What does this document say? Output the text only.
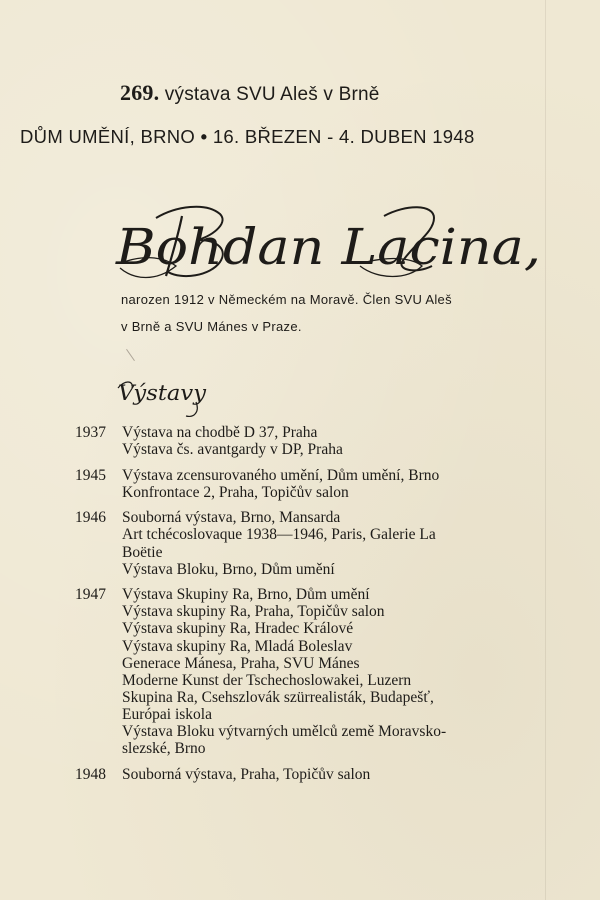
269. výstava SVU Aleš v Brně
DŮM UMĚNÍ, BRNO • 16. BŘEZEN - 4. DUBEN 1948
Bohdan Lacina,
narozen 1912 v Německém na Moravě. Člen SVU Aleš
v Brně a SVU Mánes v Praze.
Výstavy
1937	Výstava na chodbě D 37, Praha
Výstava čs. avantgardy v DP, Praha
1945	Výstava zcensurovaného umění, Dům umění, Brno
Konfrontace 2, Praha, Topičův salon
1946	Souborná výstava, Brno, Mansarda
Art tchécoslovaque 1938—1946, Paris, Galerie La
Boëtie
Výstava Bloku, Brno, Dům umění
1947	Výstava Skupiny Ra, Brno, Dům umění
Výstava skupiny Ra, Praha, Topičův salon
Výstava skupiny Ra, Hradec Králové
Výstava skupiny Ra, Mladá Boleslav
Generace Mánesa, Praha, SVU Mánes
Moderne Kunst der Tschechoslowakei, Luzern
Skupina Ra, Csehszlovák szürrealisták, Budapešť,
Európai iskola
Výstava Bloku výtvarných umělců země Moravsko-
slezské, Brno
1948	Souborná výstava, Praha, Topičův salon
